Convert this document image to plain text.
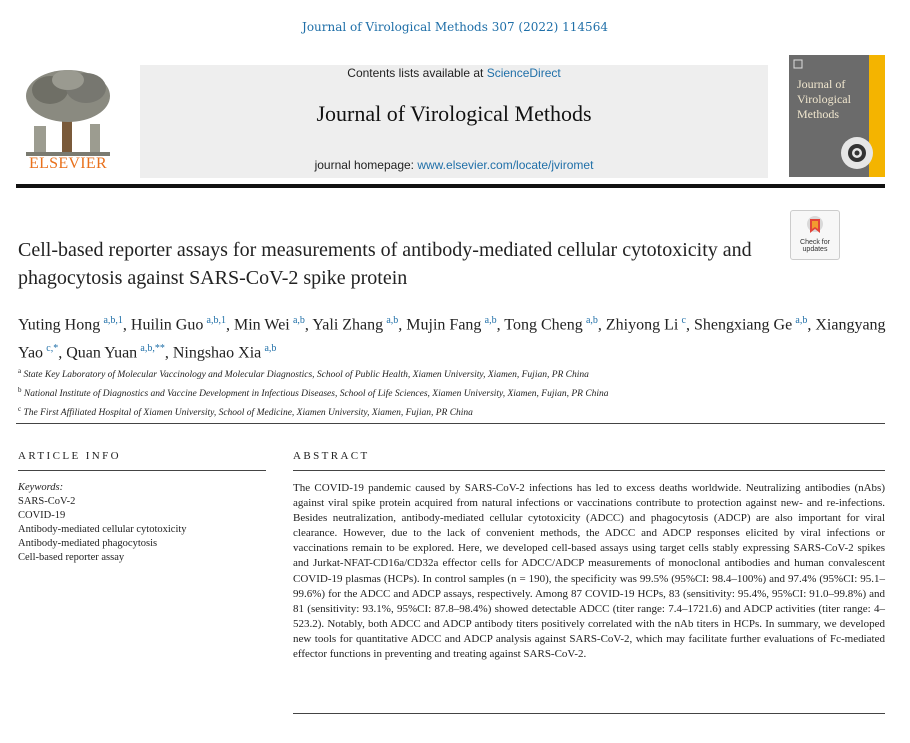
Journal of Virological Methods 307 (2022) 114564
ELSEVIER
Contents lists available at ScienceDirect
Journal of Virological Methods
journal homepage: www.elsevier.com/locate/jviromet
Journal of
Virological
Methods
Check for
updates
Cell-based reporter assays for measurements of antibody-mediated cellular cytotoxicity and phagocytosis against SARS-CoV-2 spike protein
Yuting Hong  $^{a,b,1}$, Huilin Guo  $^{a,b,1}$, Min Wei  $^{a,b}$, Yali Zhang  $^{a,b}$, Mujin Fang  $^{a,b}$, Tong Cheng  $^{a,b}$, Zhiyong Li  $^c$, Shengxiang Ge  $^{a,b}$, Xiangyang Yao  $^{c,*}$, Quan Yuan  $^{a,b,**}$, Ningshao Xia  $^{a,b}$
$^a$ State Key Laboratory of Molecular Vaccinology and Molecular Diagnostics, School of Public Health, Xiamen University, Xiamen, Fujian, PR China
$^b$ National Institute of Diagnostics and Vaccine Development in Infectious Diseases, School of Life Sciences, Xiamen University, Xiamen, Fujian, PR China
$^c$ The First Affiliated Hospital of Xiamen University, School of Medicine, Xiamen University, Xiamen, Fujian, PR China
ARTICLE INFO
Keywords:
SARS-CoV-2
COVID-19
Antibody-mediated cellular cytotoxicity
Antibody-mediated phagocytosis
Cell-based reporter assay
ABSTRACT
The COVID-19 pandemic caused by SARS-CoV-2 infections has led to excess deaths worldwide. Neutralizing antibodies (nAbs) against viral spike protein acquired from natural infections or vaccinations contribute to protection against new- and re-infections. Besides neutralization, antibody-mediated cellular cytotoxicity (ADCC) and phagocytosis (ADCP) are also important for viral clearance. However, due to the lack of convenient methods, the ADCC and ADCP responses elicited by viral infections or vaccinations remain to be explored. Here, we developed cell-based assays using target cells stably expressing SARS-CoV-2 spikes and Jurkat-NFAT-CD16a/CD32a effector cells for ADCC/ADCP measurements of monoclonal antibodies and human convalescent COVID-19 plasmas (HCPs). In control samples (n = 190), the specificity was 99.5% (95%CI: 98.4–100%) and 97.4% (95%CI: 95.1–99.6%) for the ADCC and ADCP assays, respectively. Among 87 COVID-19 HCPs, 83 (sensitivity: 95.4%, 95%CI: 91.0–99.8%) and 81 (sensitivity: 93.1%, 95%CI: 87.8–98.4%) showed detectable ADCC (titer range: 7.4–1721.6) and ADCP activities (titer range: 4–523.2). Notably, both ADCC and ADCP antibody titers positively correlated with the nAb titers in HCPs. In summary, we developed new tools for quantitative ADCC and ADCP analysis against SARS-CoV-2, which may facilitate further evaluations of Fc-mediated effector functions in preventing and treating against SARS-CoV-2.
